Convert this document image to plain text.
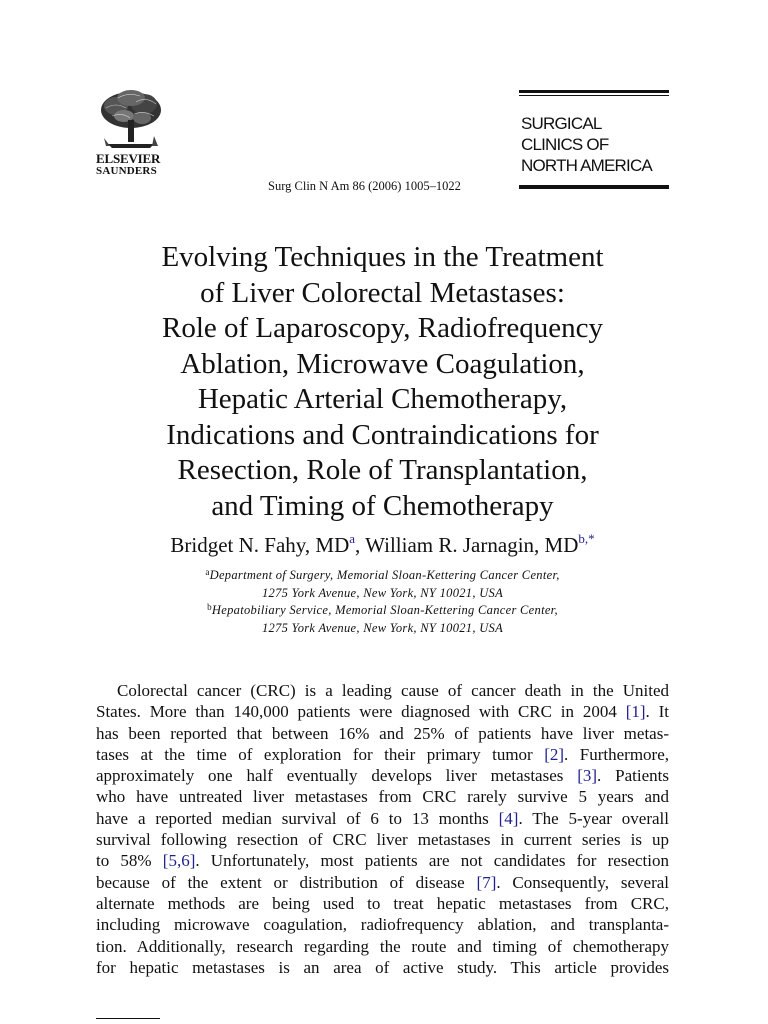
ELSEVIER
SAUNDERS
Surg Clin N Am 86 (2006) 1005–1022
SURGICAL
CLINICS OF
NORTH AMERICA
Evolving Techniques in the Treatment
of Liver Colorectal Metastases:
Role of Laparoscopy, Radiofrequency
Ablation, Microwave Coagulation,
Hepatic Arterial Chemotherapy,
Indications and Contraindications for
Resection, Role of Transplantation,
and Timing of Chemotherapy
Bridget N. Fahy, $MD^a$, William R. Jarnagin, $MD^{b,*}$
$^a$Department of Surgery, Memorial Sloan-Kettering Cancer Center,
1275 York Avenue, New York, NY 10021, USA
$^b$Hepatobiliary Service, Memorial Sloan-Kettering Cancer Center,
1275 York Avenue, New York, NY 10021, USA
Colorectal cancer (CRC) is a leading cause of cancer death in the United
States. More than 140,000 patients were diagnosed with CRC in 2004 [1]. It
has been reported that between 16% and 25% of patients have liver metas-
tases at the time of exploration for their primary tumor [2]. Furthermore,
approximately one half eventually develops liver metastases [3]. Patients
who have untreated liver metastases from CRC rarely survive 5 years and
have a reported median survival of 6 to 13 months [4]. The 5-year overall
survival following resection of CRC liver metastases in current series is up
to 58% [5,6]. Unfortunately, most patients are not candidates for resection
because of the extent or distribution of disease [7]. Consequently, several
alternate methods are being used to treat hepatic metastases from CRC,
including microwave coagulation, radiofrequency ablation, and transplanta-
tion. Additionally, research regarding the route and timing of chemotherapy
for hepatic metastases is an area of active study. This article provides
